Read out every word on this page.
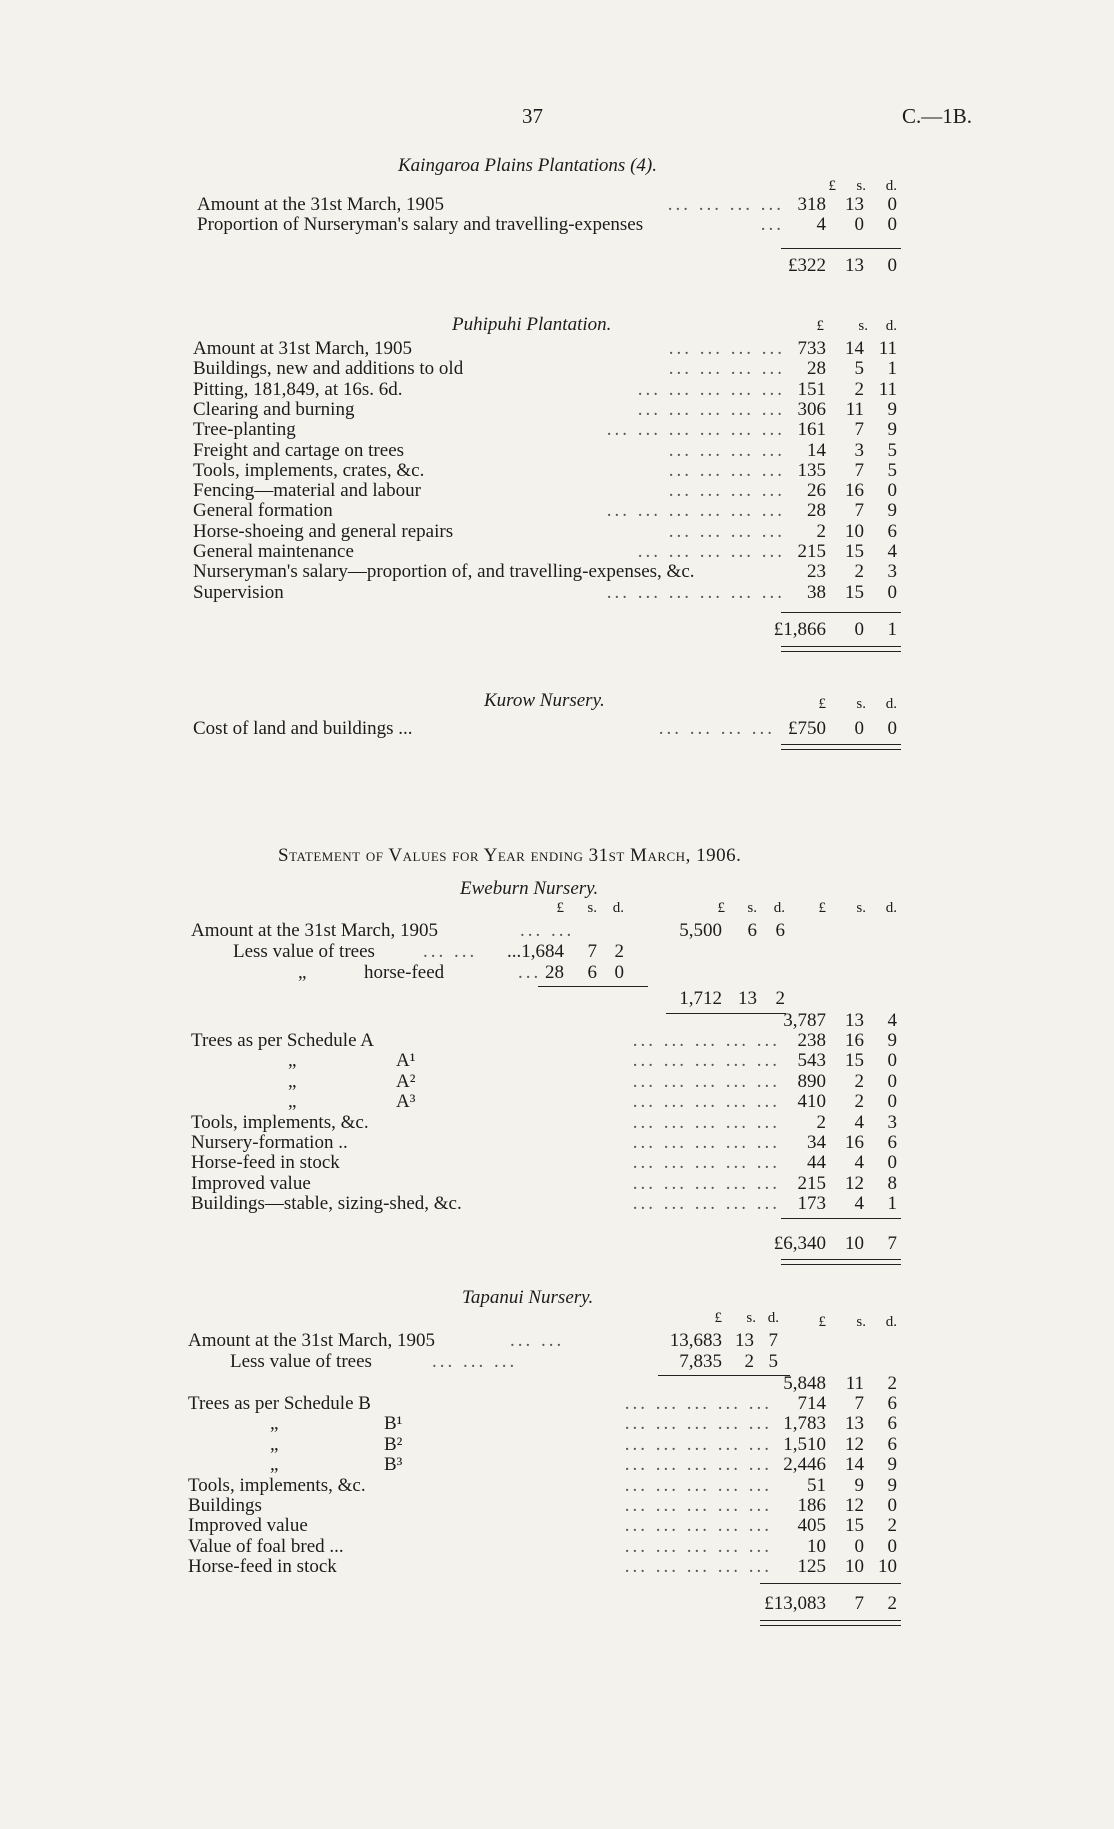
37	C.—1B.
Kaingaroa Plains Plantations (4).
£ s. d.
Amount at the 31st March, 1905	... ... ... ... 318 13 0
Proportion of Nurseryman's salary and travelling-expenses	... 4 0 0
£322 13 0
Puhipuhi Plantation.	£ s. d.
Amount at 31st March, 1905	... ... ... ... 733 14 11
Buildings, new and additions to old	... ... ... ... 28 5 1
Pitting, 181,849, at 16s. 6d.	... ... ... ... ... 151 2 11
Clearing and burning	... ... ... ... ... 306 11 9
Tree-planting	... ... ... ... ... ... 161 7 9
Freight and cartage on trees	... ... ... ... 14 3 5
Tools, implements, crates, &c.	... ... ... ... 135 7 5
Fencing—material and labour	... ... ... ... 26 16 0
General formation	... ... ... ... ... ... 28 7 9
Horse-shoeing and general repairs	... ... ... ... 2 10 6
General maintenance	... ... ... ... ... 215 15 4
Nurseryman's salary—proportion of, and travelling-expenses, &c.	23 2 3
Supervision	... ... ... ... ... ... 38 15 0
£1,866 0 1
Kurow Nursery.	£ s. d.
Cost of land and buildings ...	... ... ... ... £750 0 0
Statement of Values for Year ending 31st March, 1906.
Eweburn Nursery.
£ s. d.	£ s. d. £ s. d.
Amount at the 31st March, 1905	... ...	5,500 6 6
Less value of trees	... ... ...1,684 7 2
„	horse-feed	... 28 6 0
1,712 13 2
3,787 13 4
Trees as per Schedule A	... ... ... ... ... 238 16 9
„	A¹	... ... ... ... ... 543 15 0
„	A²	... ... ... ... ... 890 2 0
„	A³	... ... ... ... ... 410 2 0
Tools, implements, &c.	... ... ... ... ... 2 4 3
Nursery-formation ..	... ... ... ... ... 34 16 6
Horse-feed in stock	... ... ... ... ... 44 4 0
Improved value	... ... ... ... ... 215 12 8
Buildings—stable, sizing-shed, &c.	... ... ... ... ... 173 4 1
£6,340 10 7
Tapanui Nursery.
£ s. d.	£ s. d.
Amount at the 31st March, 1905	... ...	13,683 13 7
Less value of trees	... ... ...	7,835 2 5
5,848 11 2
Trees as per Schedule B	... ... ... ... ... 714 7 6
„	B¹	... ... ... ... ... 1,783 13 6
„	B²	... ... ... ... ... 1,510 12 6
„	B³	... ... ... ... ... 2,446 14 9
Tools, implements, &c.	... ... ... ... ... 51 9 9
Buildings	... ... ... ... ... 186 12 0
Improved value	... ... ... ... ... 405 15 2
Value of foal bred ...	... ... ... ... ... 10 0 0
Horse-feed in stock	... ... ... ... ... 125 10 10
£13,083 7 2
